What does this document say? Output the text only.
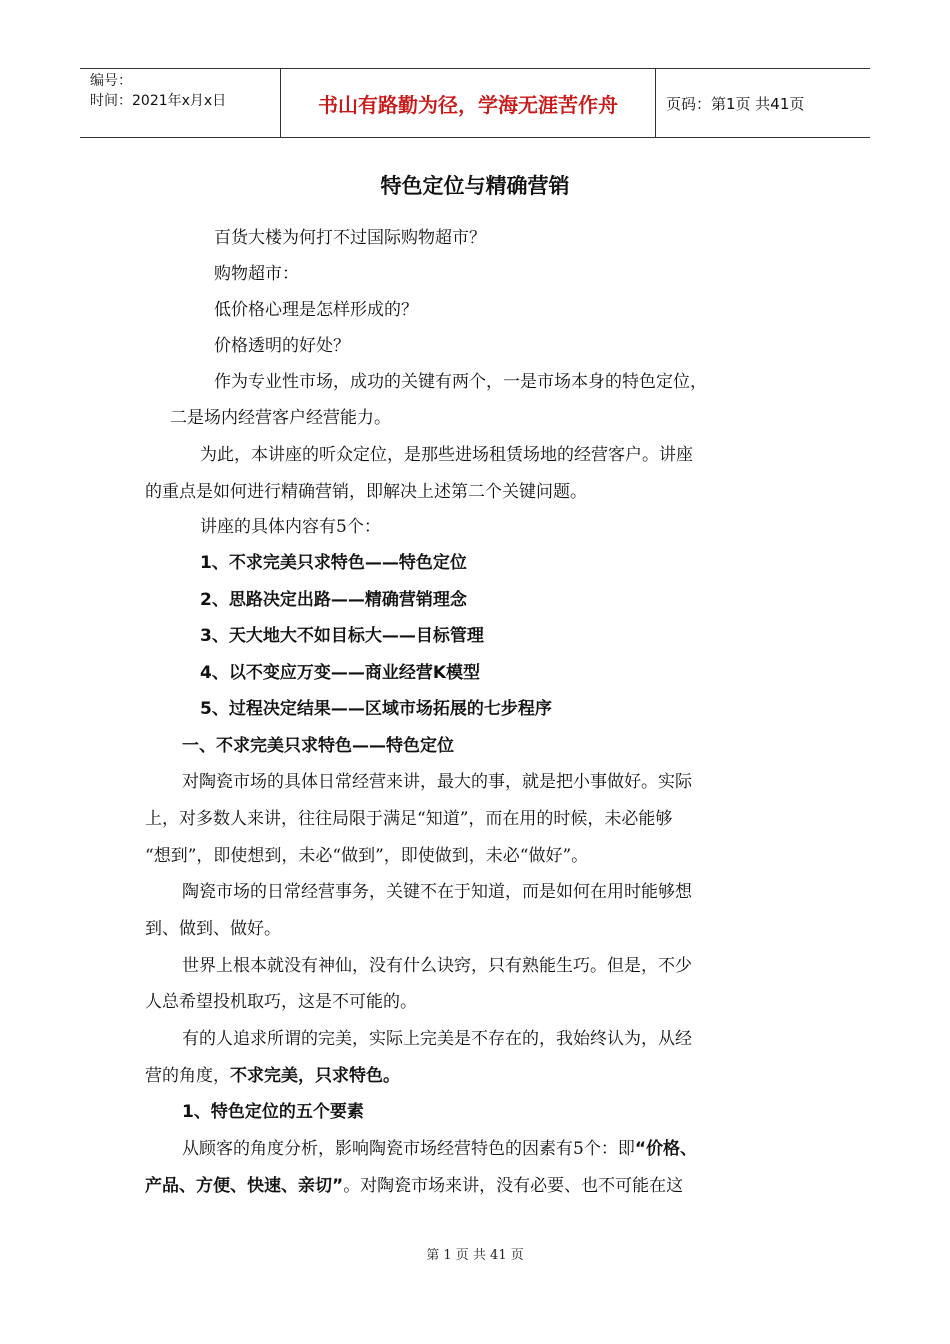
编号：
时间：2021年x月x日	书山有路勤为径，学海无涯苦作舟	页码：第1页 共41页
特色定位与精确营销
百货大楼为何打不过国际购物超市？
购物超市：
低价格心理是怎样形成的？
价格透明的好处？
作为专业性市场，成功的关键有两个，一是市场本身的特色定位，
二是场内经营客户经营能力。
为此，本讲座的听众定位，是那些进场租赁场地的经营客户。讲座
的重点是如何进行精确营销，即解决上述第二个关键问题。
讲座的具体内容有5个：
1、不求完美只求特色——特色定位
2、思路决定出路——精确营销理念
3、天大地大不如目标大——目标管理
4、以不变应万变——商业经营K模型
5、过程决定结果——区域市场拓展的七步程序
一、不求完美只求特色——特色定位
对陶瓷市场的具体日常经营来讲，最大的事，就是把小事做好。实际
上，对多数人来讲，往往局限于满足“知道”，而在用的时候，未必能够
“想到”，即使想到，未必“做到”，即使做到，未必“做好”。
陶瓷市场的日常经营事务，关键不在于知道，而是如何在用时能够想
到、做到、做好。
世界上根本就没有神仙，没有什么诀窍，只有熟能生巧。但是，不少
人总希望投机取巧，这是不可能的。
有的人追求所谓的完美，实际上完美是不存在的，我始终认为，从经
营的角度，不求完美，只求特色。
1、特色定位的五个要素
从顾客的角度分析，影响陶瓷市场经营特色的因素有5个：即“价格、
产品、方便、快速、亲切”。对陶瓷市场来讲，没有必要、也不可能在这
第 1 页 共 41 页
